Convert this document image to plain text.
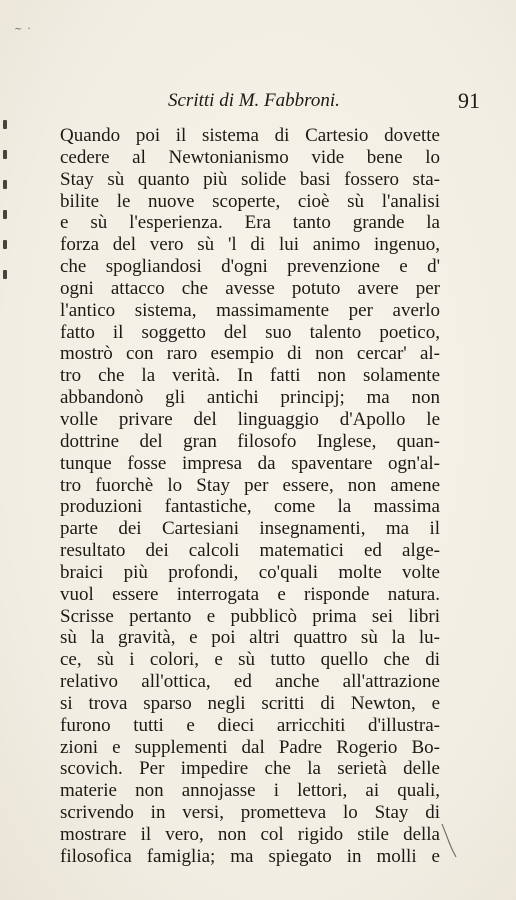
~ ·
Scritti di M. Fabbroni.	91
Quando poi il sistema di Cartesio dovette
cedere al Newtonianismo vide bene lo
Stay sù quanto più solide basi fossero sta-
bilite le nuove scoperte, cioè sù l'analisi
e sù l'esperienza. Era tanto grande la
forza del vero sù 'l di lui animo ingenuo,
che spogliandosi d'ogni prevenzione e d'
ogni attacco che avesse potuto avere per
l'antico sistema, massimamente per averlo
fatto il soggetto del suo talento poetico,
mostrò con raro esempio di non cercar' al-
tro che la verità. In fatti non solamente
abbandonò gli antichi principj; ma non
volle privare del linguaggio d'Apollo le
dottrine del gran filosofo Inglese, quan-
tunque fosse impresa da spaventare ogn'al-
tro fuorchè lo Stay per essere, non amene
produzioni fantastiche, come la massima
parte dei Cartesiani insegnamenti, ma il
resultato dei calcoli matematici ed alge-
braici più profondi, co'quali molte volte
vuol essere interrogata e risponde natura.
Scrisse pertanto e pubblicò prima sei libri
sù la gravità, e poi altri quattro sù la lu-
ce, sù i colori, e sù tutto quello che di
relativo all'ottica, ed anche all'attrazione
si trova sparso negli scritti di Newton, e
furono tutti e dieci arricchiti d'illustra-
zioni e supplementi dal Padre Rogerio Bo-
scovich. Per impedire che la serietà delle
materie non annojasse i lettori, ai quali,
scrivendo in versi, prometteva lo Stay di
mostrare il vero, non col rigido stile della
filosofica famiglia; ma spiegato in molli e
